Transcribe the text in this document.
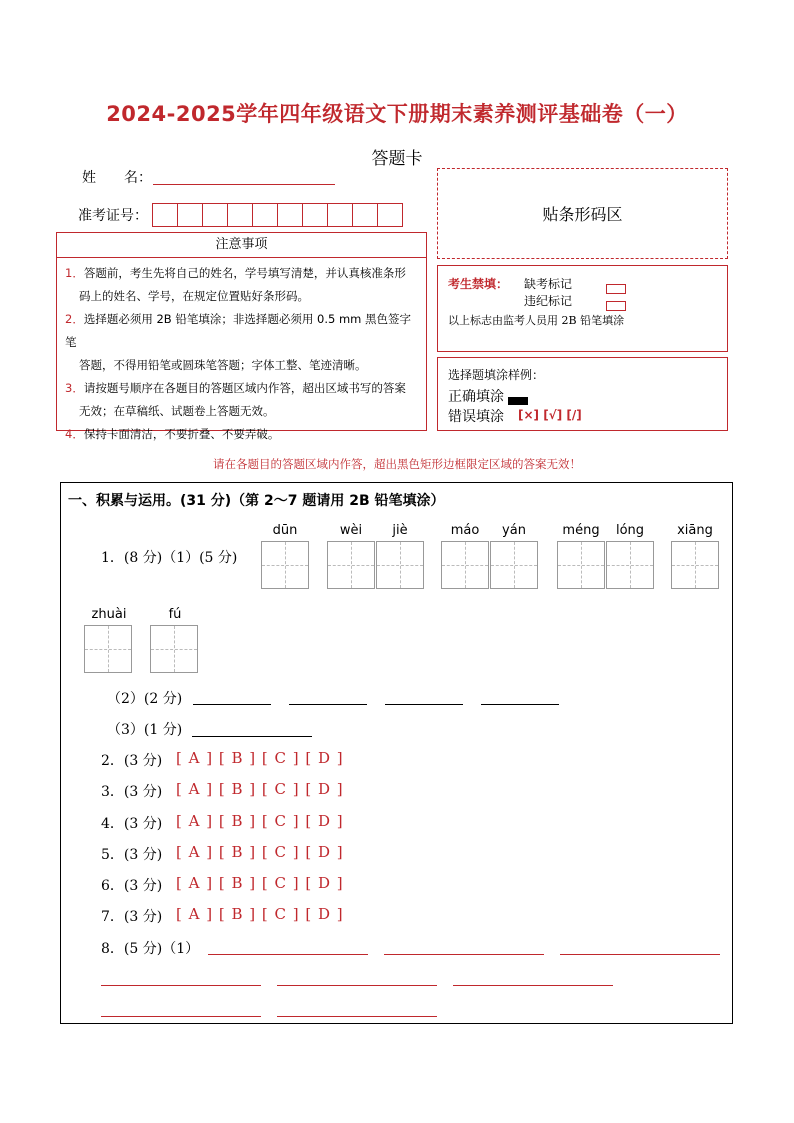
2024-2025学年四年级语文下册期末素养测评基础卷（一）
答题卡
姓　　名：
准考证号：	贴条形码区
注意事项
1．答题前，考生先将自己的姓名，学号填写清楚，并认真核准条形
码上的姓名、学号，在规定位置贴好条形码。
2．选择题必须用 2B 铅笔填涂；非选择题必须用 0.5 mm 黑色签字笔
答题，不得用铅笔或圆珠笔答题；字体工整、笔迹清晰。
3．请按题号顺序在各题目的答题区域内作答，超出区域书写的答案
无效；在草稿纸、试题卷上答题无效。
4．保持卡面清洁，不要折叠、不要弄破。
考生禁填： 缺考标记
违纪标记
以上标志由监考人员用 2B 铅笔填涂
选择题填涂样例：
正确填涂
错误填涂 [×] [√] [/]
请在各题目的答题区域内作答，超出黑色矩形边框限定区域的答案无效！
一、积累与运用。(31 分)（第 2～7 题请用 2B 铅笔填涂）
1．(8 分)（1）(5 分)
dūn	wèi	jiè	máo	yán	méng	lóng	xiāng
zhuài	fú
（2）(2 分)
（3）(1 分)
2．(3 分) [ A ] [ B ] [ C ] [ D ]
3．(3 分) [ A ] [ B ] [ C ] [ D ]
4．(3 分) [ A ] [ B ] [ C ] [ D ]
5．(3 分) [ A ] [ B ] [ C ] [ D ]
6．(3 分) [ A ] [ B ] [ C ] [ D ]
7．(3 分) [ A ] [ B ] [ C ] [ D ]
8．(5 分)（1）
